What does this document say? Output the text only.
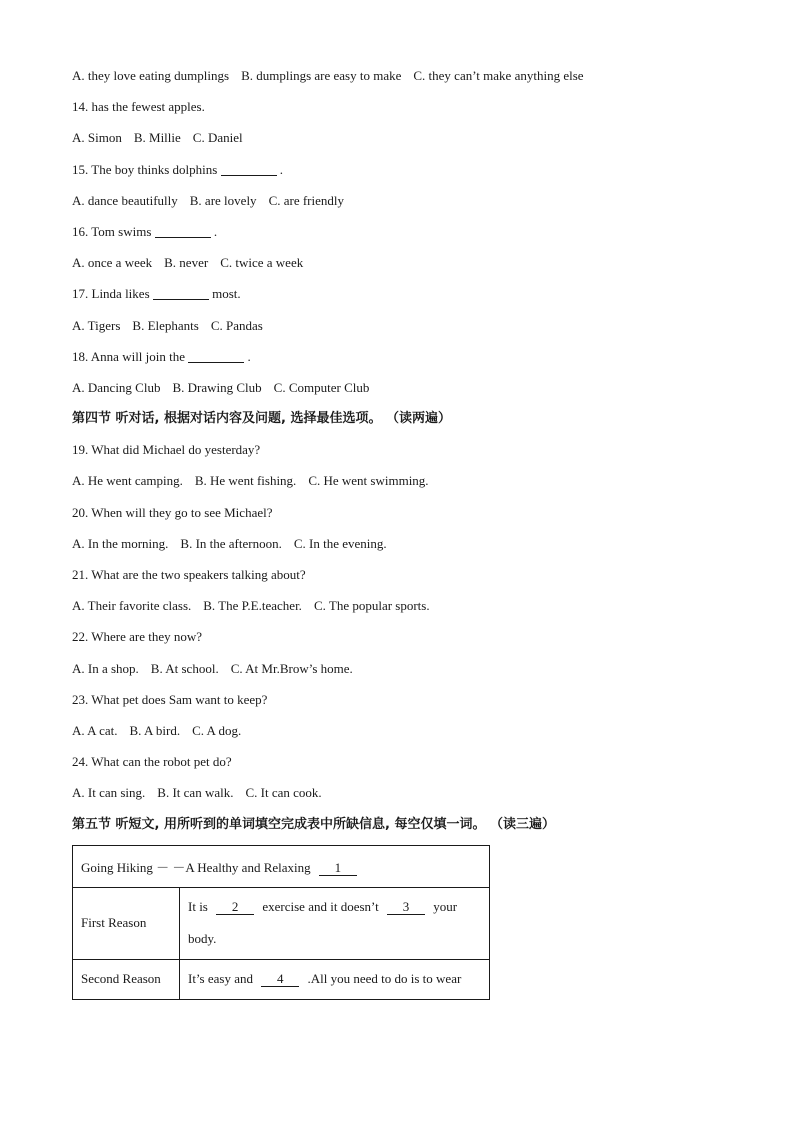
A. they love eating dumplings B. dumplings are easy to make C. they can’t make anything else
14. has the fewest apples.
A. Simon B. Millie C. Daniel
15. The boy thinks dolphins	.
A. dance beautifully B. are lovely C. are friendly
16. Tom swims	.
A. once a week B. never C. twice a week
17. Linda likes	most.
A. Tigers B. Elephants C. Pandas
18. Anna will join the	.
A. Dancing Club B. Drawing Club C. Computer Club
第四节 听对话, 根据对话内容及问题, 选择最佳选项。 （读两遍）
19. What did Michael do yesterday?
A. He went camping. B. He went fishing. C. He went swimming.
20. When will they go to see Michael?
A. In the morning. B. In the afternoon. C. In the evening.
21. What are the two speakers talking about?
A. Their favorite class. B. The P.E.teacher. C. The popular sports.
22. Where are they now?
A. In a shop. B. At school. C. At Mr.Brow’s home.
23. What pet does Sam want to keep?
A. A cat. B. A bird. C. A dog.
24. What can the robot pet do?
A. It can sing. B. It can walk. C. It can cook.
第五节 听短文, 用所听到的单词填空完成表中所缺信息, 每空仅填一词。 （读三遍）
Going Hiking － －A Healthy and Relaxing 1	
First Reason	It is 2 exercise and it doesn’t 3 your
body.

Second Reason	It’s easy and 4 .All you need to do is to wear
